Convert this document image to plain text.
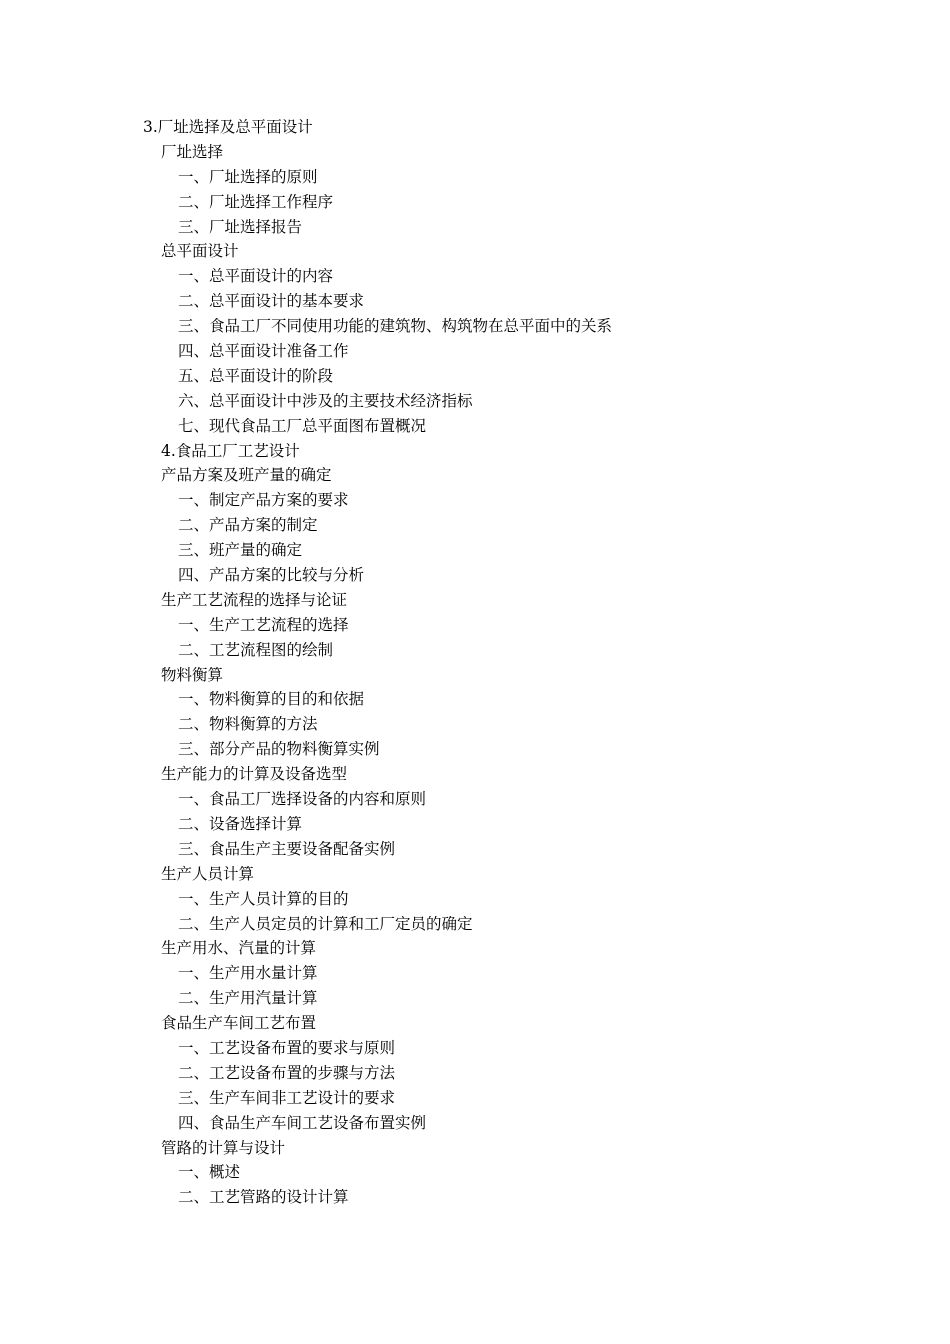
3.厂址选择及总平面设计
厂址选择
一、厂址选择的原则
二、厂址选择工作程序
三、厂址选择报告
总平面设计
一、总平面设计的内容
二、总平面设计的基本要求
三、食品工厂不同使用功能的建筑物、构筑物在总平面中的关系
四、总平面设计准备工作
五、总平面设计的阶段
六、总平面设计中涉及的主要技术经济指标
七、现代食品工厂总平面图布置概况
4.食品工厂工艺设计
产品方案及班产量的确定
一、制定产品方案的要求
二、产品方案的制定
三、班产量的确定
四、产品方案的比较与分析
生产工艺流程的选择与论证
一、生产工艺流程的选择
二、工艺流程图的绘制
物料衡算
一、物料衡算的目的和依据
二、物料衡算的方法
三、部分产品的物料衡算实例
生产能力的计算及设备选型
一、食品工厂选择设备的内容和原则
二、设备选择计算
三、食品生产主要设备配备实例
生产人员计算
一、生产人员计算的目的
二、生产人员定员的计算和工厂定员的确定
生产用水、汽量的计算
一、生产用水量计算
二、生产用汽量计算
食品生产车间工艺布置
一、工艺设备布置的要求与原则
二、工艺设备布置的步骤与方法
三、生产车间非工艺设计的要求
四、食品生产车间工艺设备布置实例
管路的计算与设计
一、概述
二、工艺管路的设计计算
